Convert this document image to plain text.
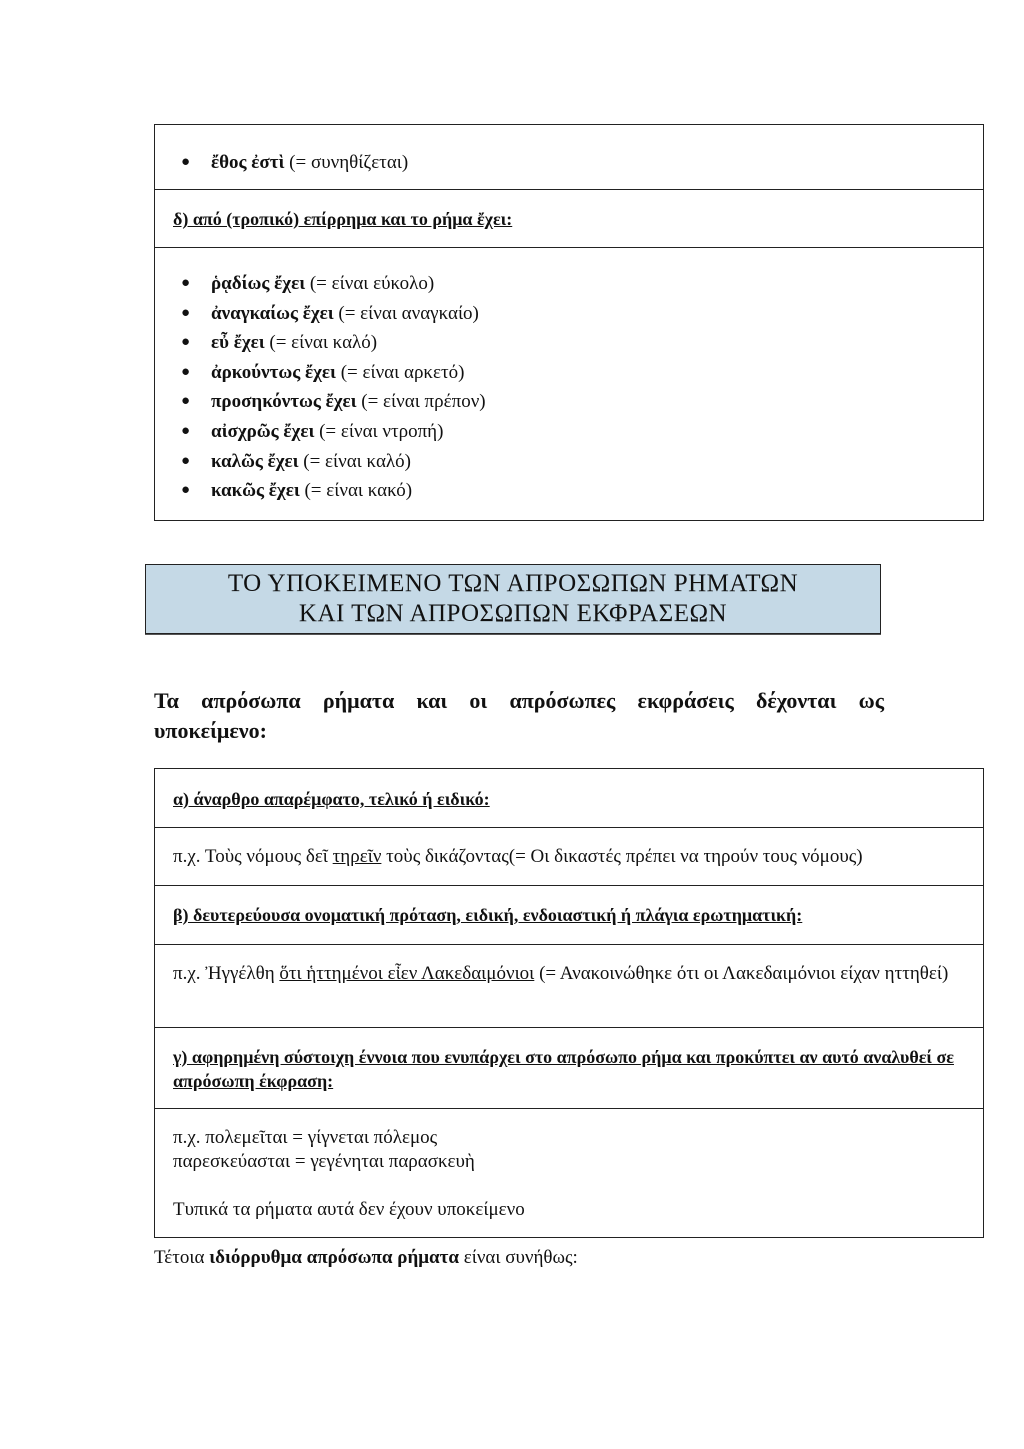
● ἔθος ἐστὶ (= συνηθίζεται)
δ) από (τροπικό) επίρρημα και το ρήμα ἔχει:
● ῥᾳδίως ἔχει (= είναι εύκολο)
● ἀναγκαίως ἔχει (= είναι αναγκαίο)
● εὖ ἔχει (= είναι καλό)
● ἀρκούντως ἔχει (= είναι αρκετό)
● προσηκόντως ἔχει (= είναι πρέπον)
● αἰσχρῶς ἔχει (= είναι ντροπή)
● καλῶς ἔχει (= είναι καλό)
● κακῶς ἔχει (= είναι κακό)
ΤΟ ΥΠΟΚΕΙΜΕΝΟ ΤΩΝ ΑΠΡΟΣΩΠΩΝ ΡΗΜΑΤΩΝ
ΚΑΙ ΤΩΝ ΑΠΡΟΣΩΠΩΝ ΕΚΦΡΑΣΕΩΝ
Τα απρόσωπα ρήματα και οι απρόσωπες εκφράσεις δέχονται ως υποκείμενο:
α) άναρθρο απαρέμφατο, τελικό ή ειδικό:
π.χ. Τοὺς νόμους δεῖ τηρεῖν τοὺς δικάζοντας(= Οι δικαστές πρέπει να τηρούν τους νόμους)
β) δευτερεύουσα ονοματική πρόταση, ειδική, ενδοιαστική ή πλάγια ερωτηματική:
π.χ. Ἠγγέλθη ὅτι ἡττημένοι εἶεν Λακεδαιμόνιοι (= Ανακοινώθηκε ότι οι Λακεδαιμόνιοι είχαν ηττηθεί)
γ) αφηρημένη σύστοιχη έννοια που ενυπάρχει στο απρόσωπο ρήμα και προκύπτει αν αυτό αναλυθεί σε απρόσωπη έκφραση:
π.χ. πολεμεῖται = γίγνεται πόλεμος
παρεσκεύασται = γεγένηται παρασκευὴ
Τυπικά τα ρήματα αυτά δεν έχουν υποκείμενο
Τέτοια ιδιόρρυθμα απρόσωπα ρήματα είναι συνήθως:
